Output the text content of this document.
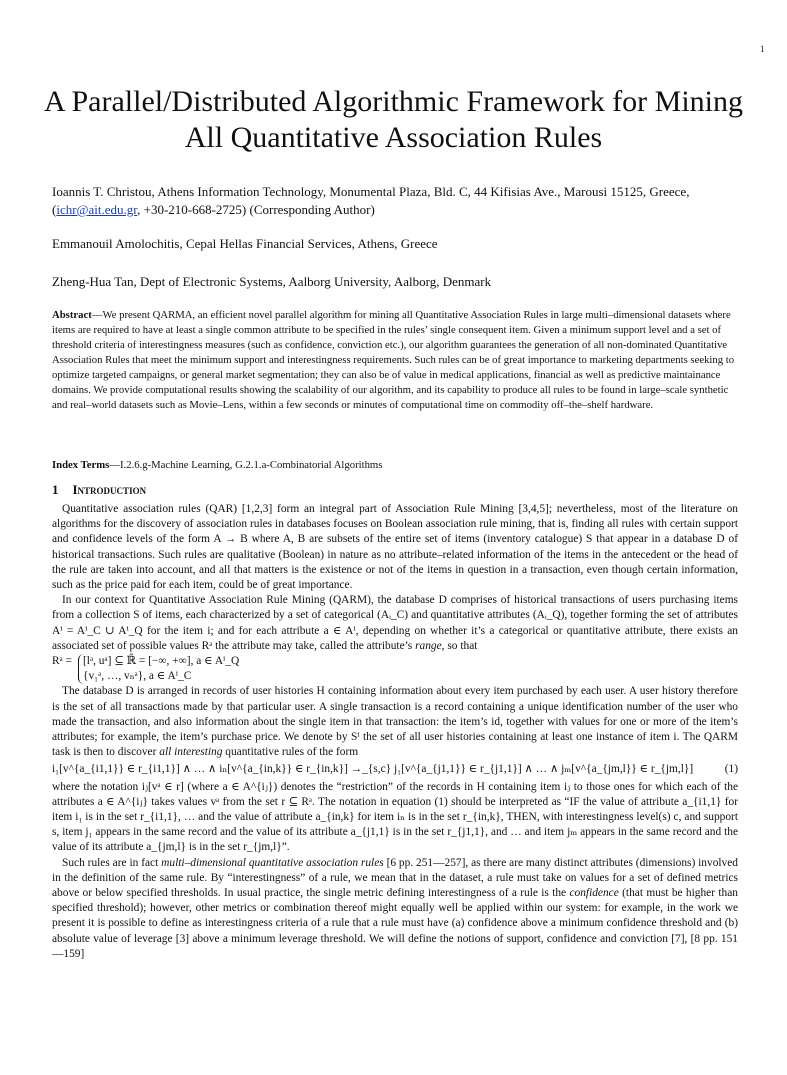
1
A Parallel/Distributed Algorithmic Framework for Mining All Quantitative Association Rules
Ioannis T. Christou, Athens Information Technology, Monumental Plaza, Bld. C, 44 Kifisias Ave., Marousi 15125, Greece, (ichr@ait.edu.gr, +30-210-668-2725) (Corresponding Author)
Emmanouil Amolochitis, Cepal Hellas Financial Services, Athens, Greece
Zheng-Hua Tan, Dept of Electronic Systems, Aalborg University, Aalborg, Denmark
Abstract—We present QARMA, an efficient novel parallel algorithm for mining all Quantitative Association Rules in large multi–dimensional datasets where items are required to have at least a single common attribute to be specified in the rules’ single consequent item. Given a minimum support level and a set of threshold criteria of interestingness measures (such as confidence, conviction etc.), our algorithm guarantees the generation of all non-dominated Quantitative Association Rules that meet the minimum support and interestingness requirements. Such rules can be of great importance to marketing departments seeking to optimize targeted campaigns, or general market segmentation; they can also be of value in medical applications, financial as well as predictive maintainance domains. We provide computational results showing the scalability of our algorithm, and its capability to produce all rules to be found in large–scale synthetic and real–world datasets such as Movie–Lens, within a few seconds or minutes of computational time on commodity off–the–shelf hardware.
Index Terms—I.2.6.g-Machine Learning, G.2.1.a-Combinatorial Algorithms
1 Introduction

Quantitative association rules (QAR) [1,2,3] form an integral part of Association Rule Mining [3,4,5]; nevertheless, most of the literature on algorithms for the discovery of association rules in databases focuses on Boolean association rule mining, that is, finding all rules with certain support and confidence levels of the form A → B where A, B are subsets of the entire set of items (inventory catalogue) S that appear in a database D of historical transactions. Such rules are qualitative (Boolean) in nature as no attribute–related information of the items in the antecedent or the head of the rule are taken into account, and all that matters is the existence or not of the items in question in a transaction, even though certain information, such as the price paid for each item, could be of great importance.

In our context for Quantitative Association Rule Mining (QARM), the database D comprises of historical transactions of users purchasing items from a collection S of items, each characterized by a set of categorical (Aᵢ_C) and quantitative attributes (Aᵢ_Q), together forming the set of attributes Aⁱ = Aⁱ_C ∪ Aⁱ_Q for the item i; and for each attribute a ∈ Aⁱ, depending on whether it’s a categorical or quantitative attribute, there exists an associated set of possible values Rᵃ the attribute may take, called the attribute’s range, so that

Rᵃ = [lᵃ, uᵃ] ⊆ ℝ̄ = [−∞, +∞], a ∈ Aⁱ_Q
{v₁ᵃ, …, vₙᵃ}, a ∈ Aⁱ_C

The database D is arranged in records of user histories H containing information about every item purchased by each user. A user history therefore is the set of all transactions made by that particular user. A single transaction is a record containing a unique identification number of the user who made the transaction, and also information about the single item in that transaction: the item’s id, together with values for one or more of the item’s attributes; for example, the item’s purchase price. We denote by Sⁱ the set of all user histories containing at least one instance of item i. The QARM task is then to discover all interesting quantitative rules of the form

i₁[v^{a_{i1,1}} ∈ r_{i1,1}] ∧ … ∧ iₙ[v^{a_{in,k}} ∈ r_{in,k}] →_{s,c} j₁[v^{a_{j1,1}} ∈ r_{j1,1}] ∧ … ∧ jₘ[v^{a_{jm,l}} ∈ r_{jm,l}]	(1)

where the notation iⱼ[vᵃ ∈ r] (where a ∈ A^{iⱼ}) denotes the “restriction” of the records in H containing item iⱼ to those ones for which each of the attributes a ∈ A^{iⱼ} takes values vᵃ from the set r ⊆ Rᵃ. The notation in equation (1) should be interpreted as “IF the value of attribute a_{i1,1} for item i₁ is in the set r_{i1,1}, … and the value of attribute a_{in,k} for item iₙ is in the set r_{in,k}, THEN, with interestingness level(s) c, and support s, item j₁ appears in the same record and the value of its attribute a_{j1,1} is in the set r_{j1,1}, and … and item jₘ appears in the same record and the value of its attribute a_{jm,l} is in the set r_{jm,l}”.

Such rules are in fact multi–dimensional quantitative association rules [6 pp. 251—257], as there are many distinct attributes (dimensions) involved in the definition of the same rule. By “interestingness” of a rule, we mean that in the dataset, a rule must take on values for a set of defined metrics above or below specified thresholds. In usual practice, the single metric defining interestingness of a rule is the confidence (that must be higher than specified threshold); however, other metrics or combination thereof might equally well be applied within our system: for example, in the work we present it is possible to define as interestingness criteria of a rule that a rule must have (a) confidence above a minimum confidence threshold and (b) absolute value of leverage [3] above a minimum leverage threshold. We will define the notions of support, confidence and conviction [7], [8 pp. 151—159]
